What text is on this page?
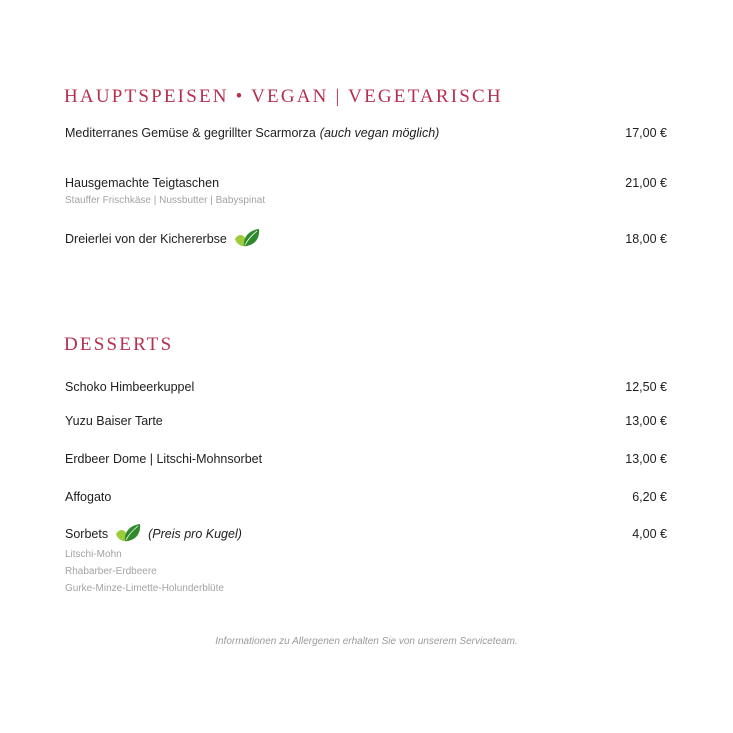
HAUPTSPEISEN • VEGAN | VEGETARISCH
Mediterranes Gemüse & gegrillter Scarmorza (auch vegan möglich)	17,00 €
Hausgemachte Teigtaschen	21,00 €
Stauffer Frischkäse | Nussbutter | Babyspinat
Dreierlei von der Kichererbse	18,00 €
DESSERTS
Schoko Himbeerkuppel	12,50 €
Yuzu Baiser Tarte	13,00 €
Erdbeer Dome | Litschi-Mohnsorbet	13,00 €
Affogato	6,20 €
Sorbets	(Preis pro Kugel)	4,00 €
Litschi-Mohn
Rhabarber-Erdbeere
Gurke-Minze-Limette-Holunderblüte
Informationen zu Allergenen erhalten Sie von unserem Serviceteam.
